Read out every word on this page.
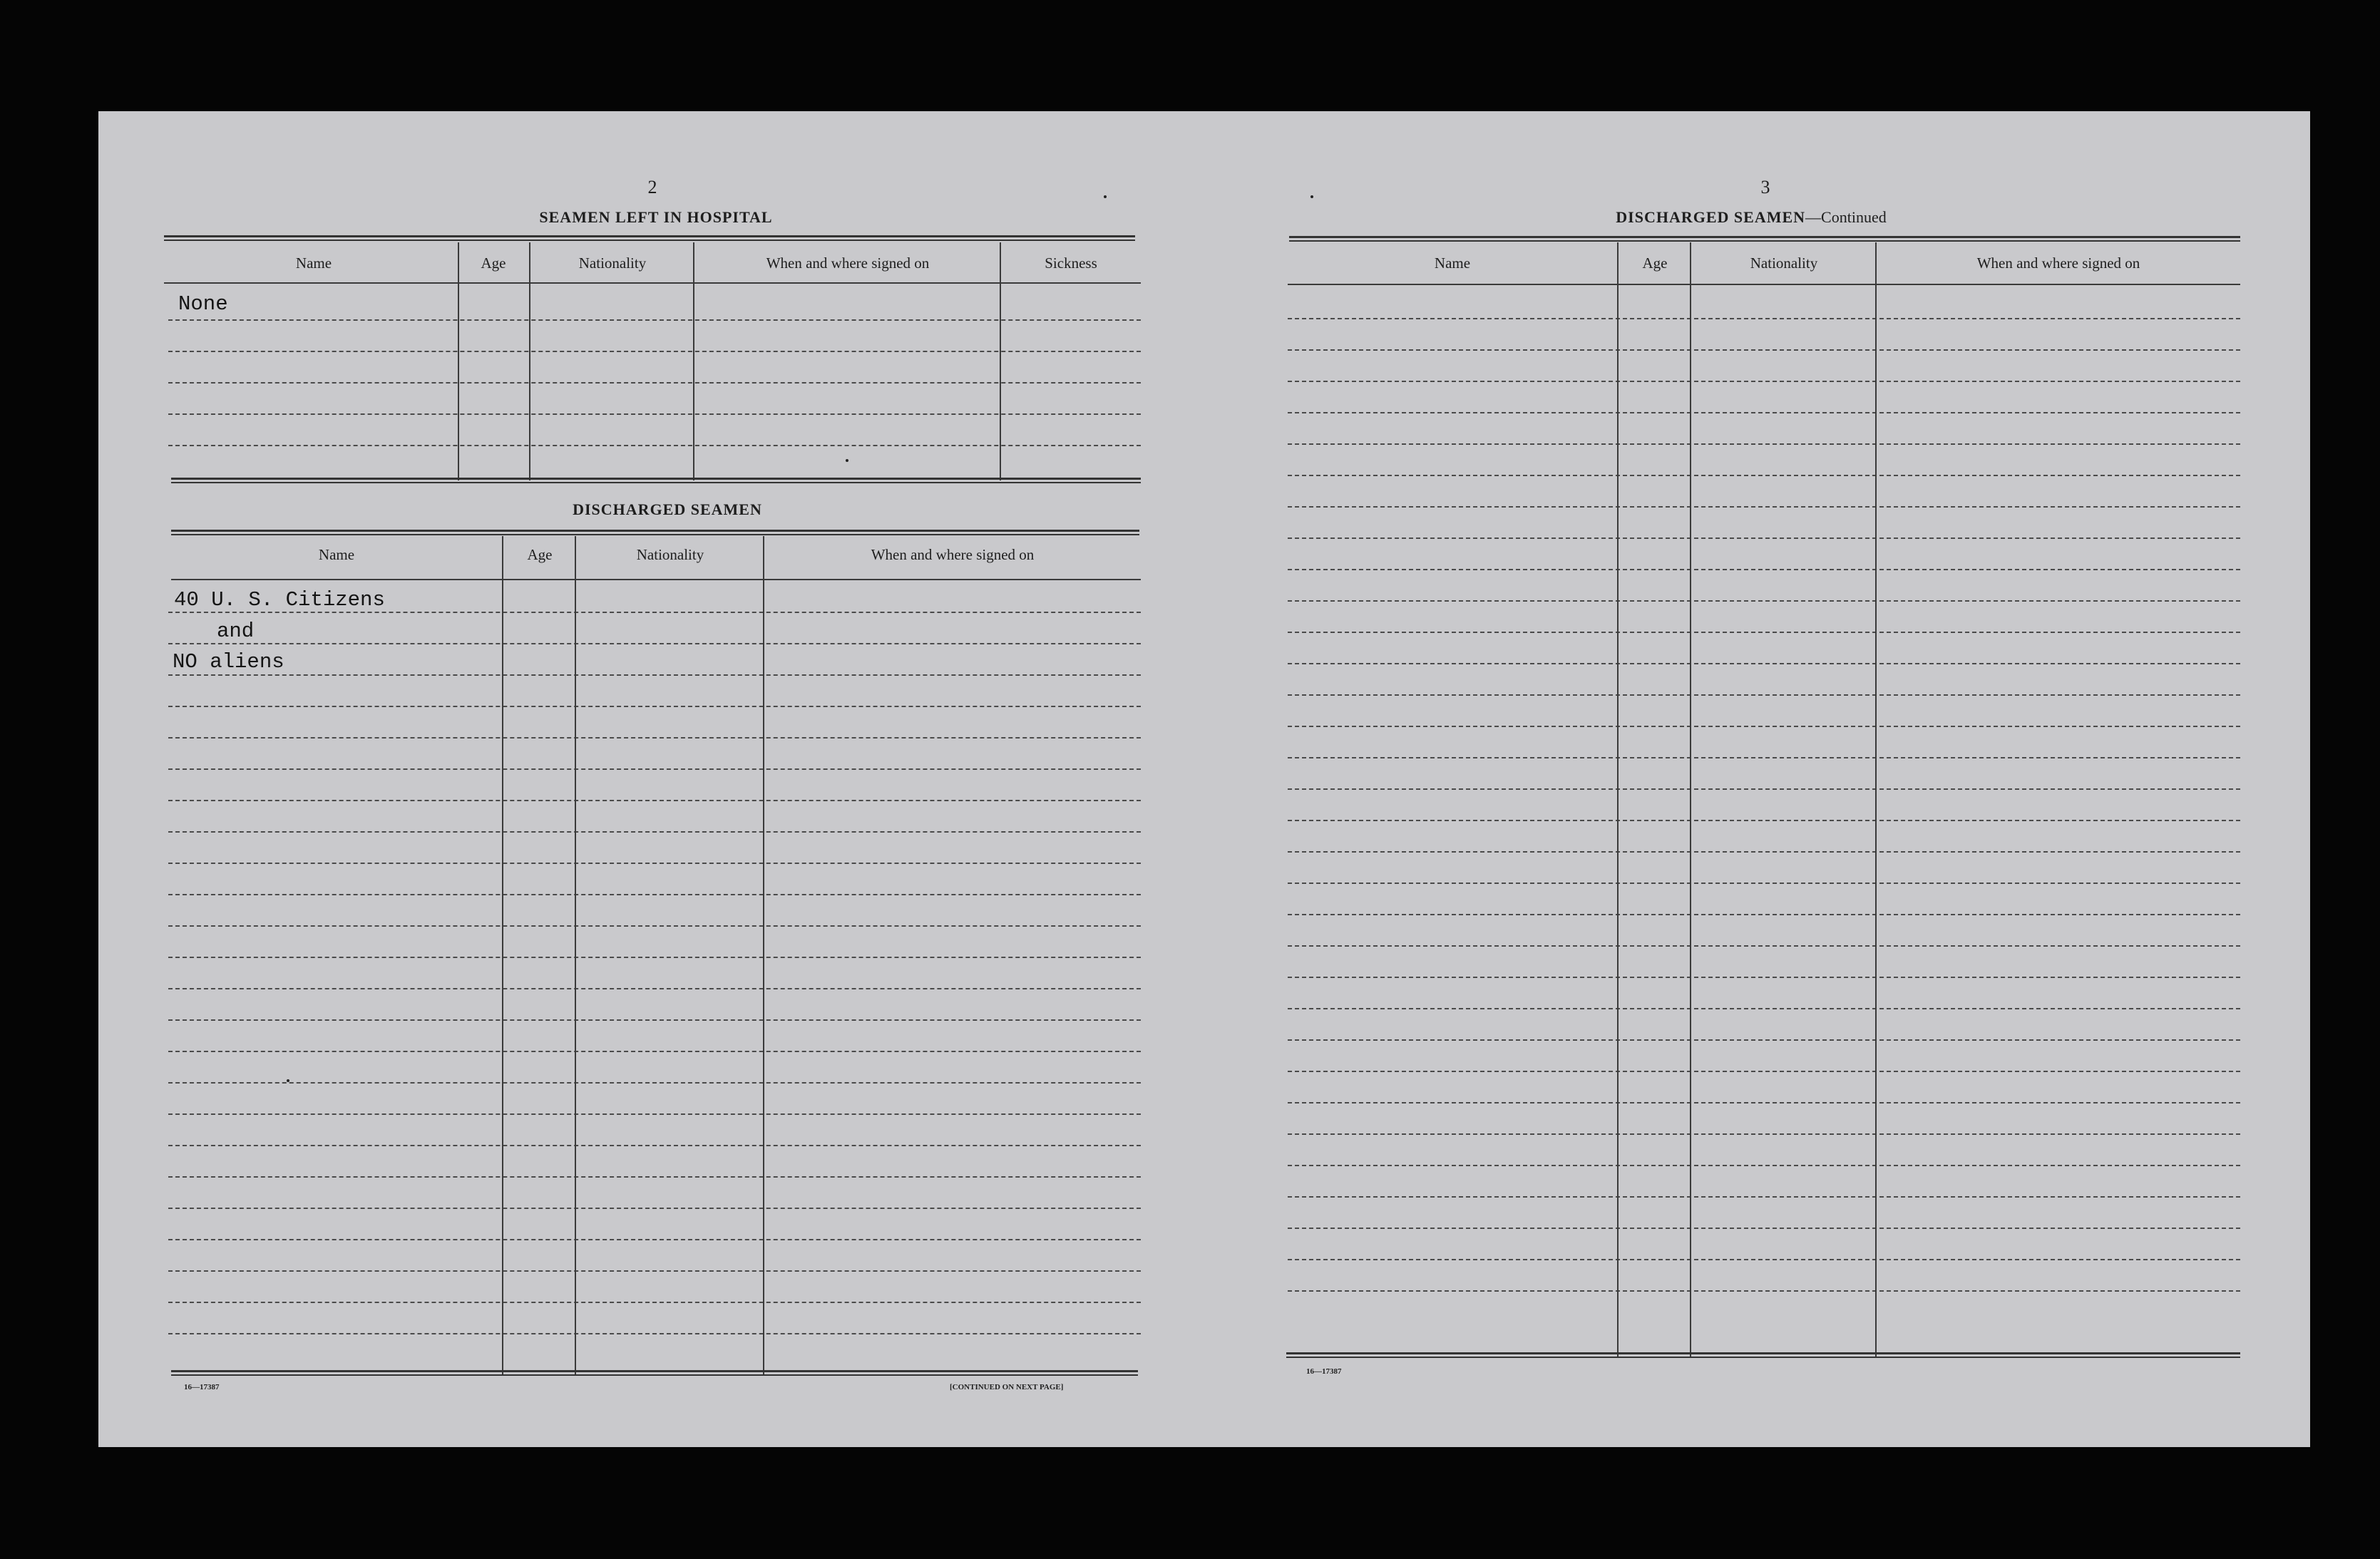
2
SEAMEN LEFT IN HOSPITAL
Name	Age	Nationality	When and where signed on	Sickness
None
DISCHARGED SEAMEN
Name	Age	Nationality	When and where signed on
40 U. S. Citizens
and
NO aliens
16—17387	[CONTINUED ON NEXT PAGE]
3
DISCHARGED SEAMEN—Continued
Name	Age	Nationality	When and where signed on
16—17387
